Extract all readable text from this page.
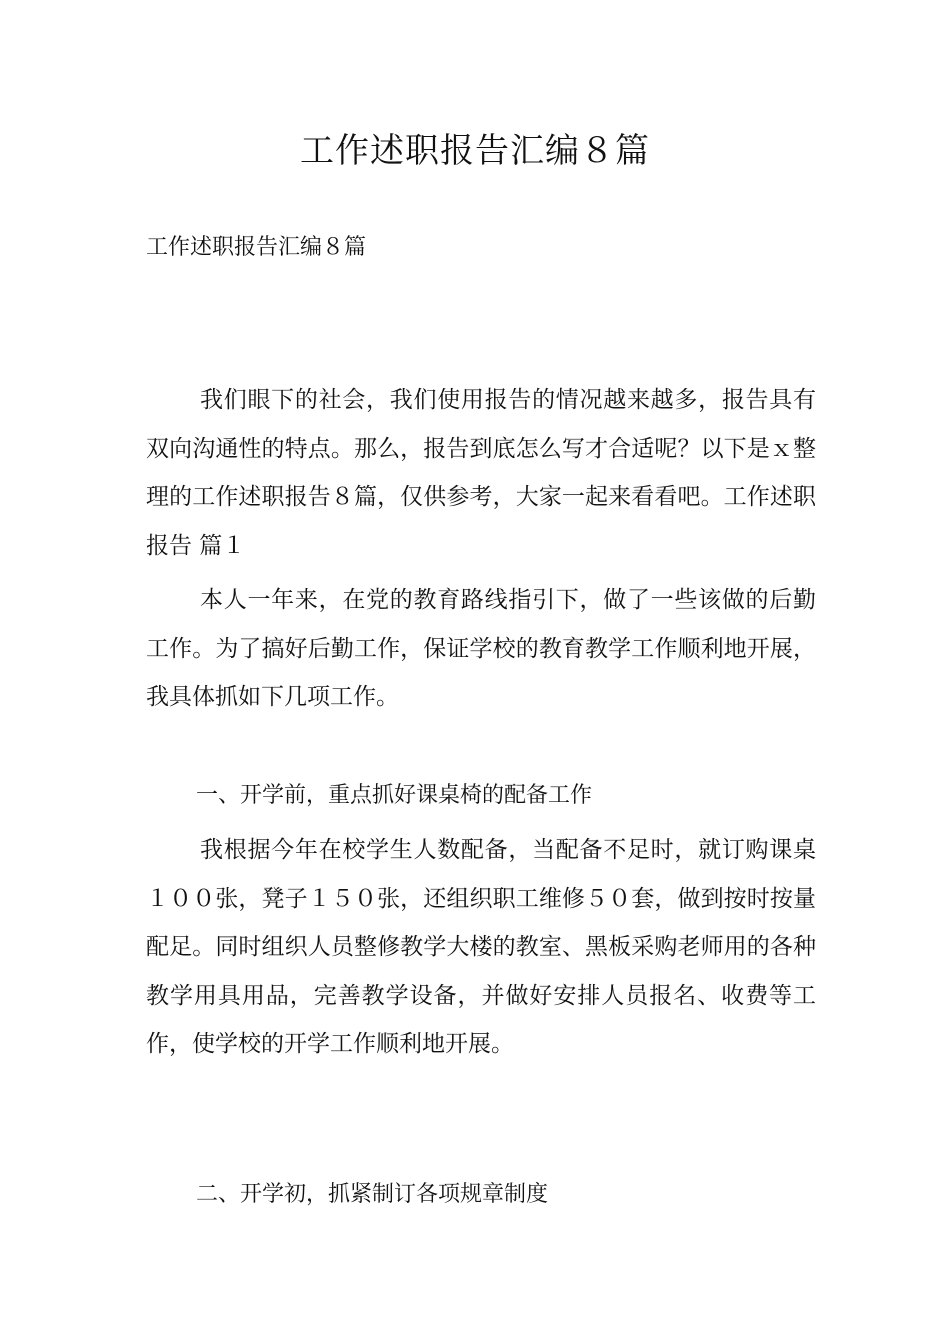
工作述职报告汇编８篇
工作述职报告汇编８篇
我们眼下的社会，我们使用报告的情况越来越多，报告具有双向沟通性的特点。那么，报告到底怎么写才合适呢？以下是ｘ整理的工作述职报告８篇，仅供参考，大家一起来看看吧。工作述职报告 篇１
本人一年来，在党的教育路线指引下，做了一些该做的后勤工作。为了搞好后勤工作，保证学校的教育教学工作顺利地开展，我具体抓如下几项工作。
一、开学前，重点抓好课桌椅的配备工作
我根据今年在校学生人数配备，当配备不足时，就订购课桌１００张，凳子１５０张，还组织职工维修５０套，做到按时按量配足。同时组织人员整修教学大楼的教室、黑板采购老师用的各种教学用具用品，完善教学设备，并做好安排人员报名、收费等工作，使学校的开学工作顺利地开展。
二、开学初，抓紧制订各项规章制度
